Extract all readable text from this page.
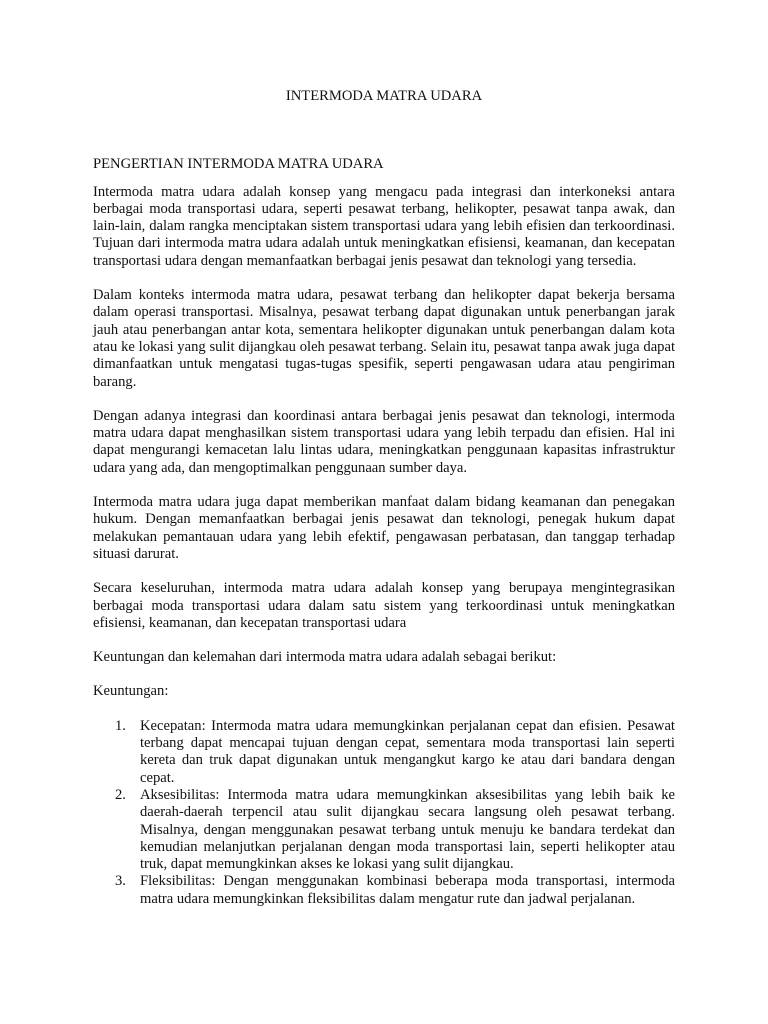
INTERMODA MATRA UDARA
PENGERTIAN INTERMODA MATRA UDARA

Intermoda matra udara adalah konsep yang mengacu pada integrasi dan interkoneksi antara berbagai moda transportasi udara, seperti pesawat terbang, helikopter, pesawat tanpa awak, dan lain-lain, dalam rangka menciptakan sistem transportasi udara yang lebih efisien dan terkoordinasi. Tujuan dari intermoda matra udara adalah untuk meningkatkan efisiensi, keamanan, dan kecepatan transportasi udara dengan memanfaatkan berbagai jenis pesawat dan teknologi yang tersedia.

Dalam konteks intermoda matra udara, pesawat terbang dan helikopter dapat bekerja bersama dalam operasi transportasi. Misalnya, pesawat terbang dapat digunakan untuk penerbangan jarak jauh atau penerbangan antar kota, sementara helikopter digunakan untuk penerbangan dalam kota atau ke lokasi yang sulit dijangkau oleh pesawat terbang. Selain itu, pesawat tanpa awak juga dapat dimanfaatkan untuk mengatasi tugas-tugas spesifik, seperti pengawasan udara atau pengiriman barang.

Dengan adanya integrasi dan koordinasi antara berbagai jenis pesawat dan teknologi, intermoda matra udara dapat menghasilkan sistem transportasi udara yang lebih terpadu dan efisien. Hal ini dapat mengurangi kemacetan lalu lintas udara, meningkatkan penggunaan kapasitas infrastruktur udara yang ada, dan mengoptimalkan penggunaan sumber daya.

Intermoda matra udara juga dapat memberikan manfaat dalam bidang keamanan dan penegakan hukum. Dengan memanfaatkan berbagai jenis pesawat dan teknologi, penegak hukum dapat melakukan pemantauan udara yang lebih efektif, pengawasan perbatasan, dan tanggap terhadap situasi darurat.

Secara keseluruhan, intermoda matra udara adalah konsep yang berupaya mengintegrasikan berbagai moda transportasi udara dalam satu sistem yang terkoordinasi untuk meningkatkan efisiensi, keamanan, dan kecepatan transportasi udara

Keuntungan dan kelemahan dari intermoda matra udara adalah sebagai berikut:

Keuntungan:

1. Kecepatan: Intermoda matra udara memungkinkan perjalanan cepat dan efisien. Pesawat terbang dapat mencapai tujuan dengan cepat, sementara moda transportasi lain seperti kereta dan truk dapat digunakan untuk mengangkut kargo ke atau dari bandara dengan cepat.
2. Aksesibilitas: Intermoda matra udara memungkinkan aksesibilitas yang lebih baik ke daerah-daerah terpencil atau sulit dijangkau secara langsung oleh pesawat terbang. Misalnya, dengan menggunakan pesawat terbang untuk menuju ke bandara terdekat dan kemudian melanjutkan perjalanan dengan moda transportasi lain, seperti helikopter atau truk, dapat memungkinkan akses ke lokasi yang sulit dijangkau.
3. Fleksibilitas: Dengan menggunakan kombinasi beberapa moda transportasi, intermoda matra udara memungkinkan fleksibilitas dalam mengatur rute dan jadwal perjalanan.
